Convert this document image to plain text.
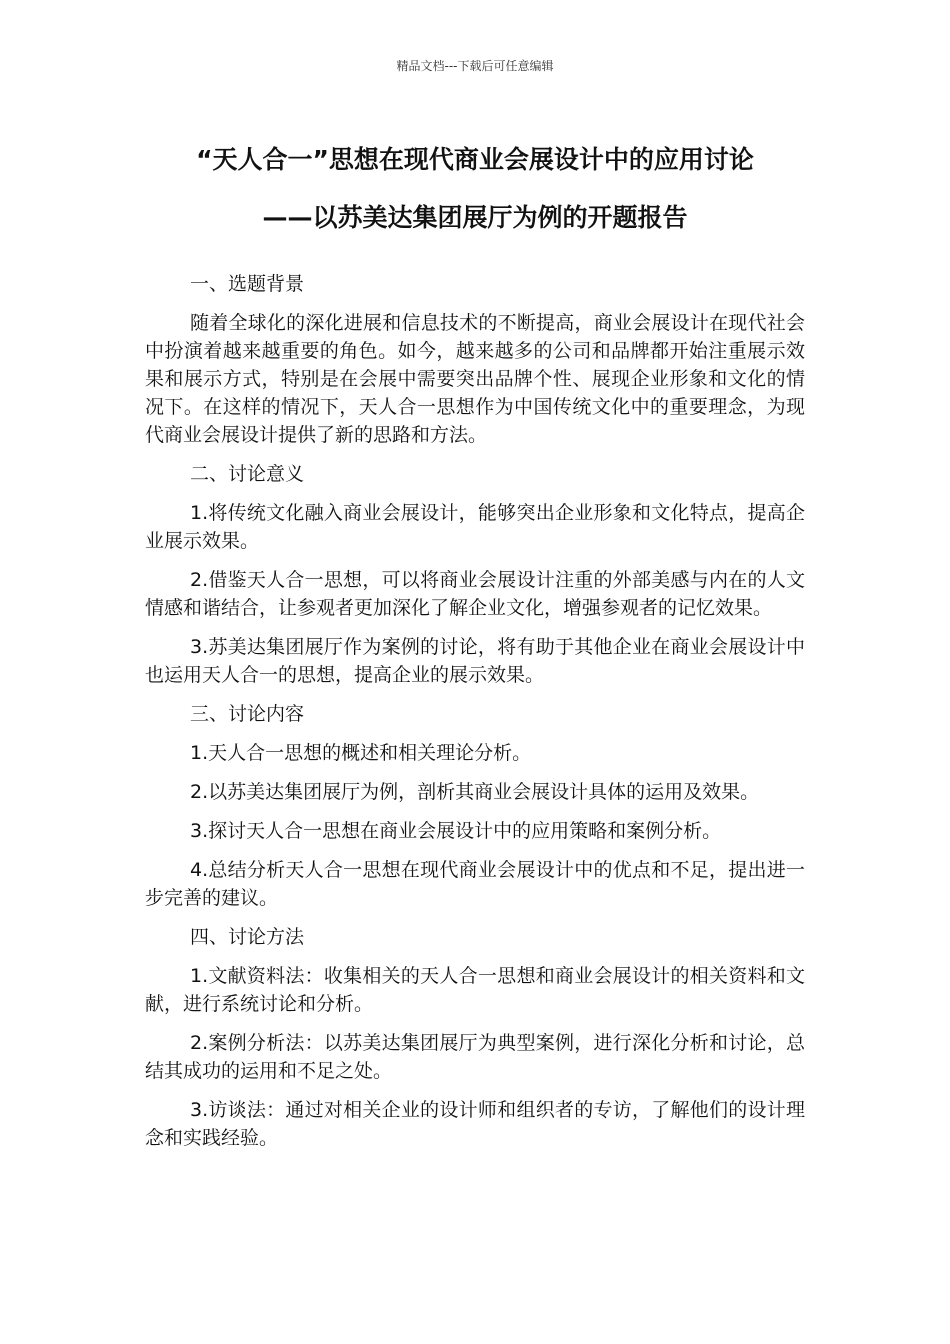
精品文档---下载后可任意编辑
“天人合一”思想在现代商业会展设计中的应用讨论
——以苏美达集团展厅为例的开题报告

一、选题背景

随着全球化的深化进展和信息技术的不断提高，商业会展设计在现代社会中扮演着越来越重要的角色。如今，越来越多的公司和品牌都开始注重展示效果和展示方式，特别是在会展中需要突出品牌个性、展现企业形象和文化的情况下。在这样的情况下，天人合一思想作为中国传统文化中的重要理念，为现代商业会展设计提供了新的思路和方法。

二、讨论意义

1.将传统文化融入商业会展设计，能够突出企业形象和文化特点，提高企业展示效果。

2.借鉴天人合一思想，可以将商业会展设计注重的外部美感与内在的人文情感和谐结合，让参观者更加深化了解企业文化，增强参观者的记忆效果。

3.苏美达集团展厅作为案例的讨论，将有助于其他企业在商业会展设计中也运用天人合一的思想，提高企业的展示效果。

三、讨论内容

1.天人合一思想的概述和相关理论分析。

2.以苏美达集团展厅为例，剖析其商业会展设计具体的运用及效果。

3.探讨天人合一思想在商业会展设计中的应用策略和案例分析。

4.总结分析天人合一思想在现代商业会展设计中的优点和不足，提出进一步完善的建议。

四、讨论方法

1.文献资料法：收集相关的天人合一思想和商业会展设计的相关资料和文献，进行系统讨论和分析。

2.案例分析法：以苏美达集团展厅为典型案例，进行深化分析和讨论，总结其成功的运用和不足之处。

3.访谈法：通过对相关企业的设计师和组织者的专访，了解他们的设计理念和实践经验。
